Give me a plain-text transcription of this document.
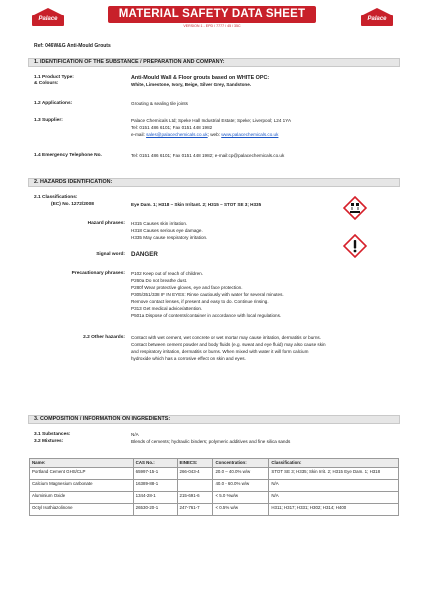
Palace	MATERIAL SAFETY DATA SHEET
VERSION 1 - EPD / 7777 / 45 / 35C
Palace
Ref: 046W&G Anti-Mould Grouts
1. IDENTIFICATION OF THE SUBSTANCE / PREPARATION AND COMPANY:
1.1 Product Type:
& Colours:
Anti-Mould Wall & Floor grouts based on WHITE OPC:
White, Limestone, Ivory, Beige, Silver Grey, Sandstone.
1.2 Applications:	Grouting & sealing tile joints
1.3 Supplier:	Palace Chemicals Ltd; Speke Hall Industrial Estate; Speke; Liverpool; L24 1YA
Tel: 0151 486 6101; Fax 0151 448 1982
e-mail: sales@palacechemicals.co.uk; web: www.palacechemicals.co.uk
1.4 Emergency Telephone No.	Tel: 0151 486 6101; Fax 0151 448 1982; e-mail:cp@palacechemicals.co.uk
2. HAZARDS IDENTIFICATION:
2.1 Classifications:
(EC) No. 1272/2008	Eye Dam. 1; H318 – Skin Irritant. 2; H315 – STOT SE 3; H335
Hazard phrases: H315 Causes skin irritation.
H318 Causes serious eye damage.
H335 May cause respiratory irritation.
Signal word: DANGER
Precautionary phrases: P102 Keep out of reach of children.
P260a Do not breathe dust.
P280f Wear protective gloves, eye and face protection.
P305/351/338 IF IN EYES: Rinse cautiously with water for several minutes.
Remove contact lenses, if present and easy to do. Continue rinsing.
P313 Get medical advice/attention.
P501a Dispose of contents/container in accordance with local regulations.
2.2 Other hazards: Contact with wet cement, wet concrete or wet mortar may cause irritation, dermatitis or burns.
Contact between cement powder and body fluids (e.g. sweat and eye fluid) may also cause skin
and respiratory irritation, dermatitis or burns. When mixed with water it will form calcium
hydroxide which has a corrosive effect on skin and eyes.
3. COMPOSITION / INFORMATION ON INGREDIENTS:
3.1 Substances:	N/A
3.2 Mixtures:	Blends of cements; hydraulic binders; polymeric additives and fine silica sands
Name:	CAS No.:	EINECS:	Concentration:	Classification:
Portland Cement GHS/CLP	65997-15-1	266-043-4	20.0 – 40.0% w/w	STOT SE 3; H335; Skin Irrit. 2; H315 Eye Dam. 1; H318
Calcium Magnesium carbonate	16389-88-1		40.0 - 60.0% w/w	N/A
Aluminium Oxide	1344-28-1	215-691-6	< 5.0 %w/w	N/A
Octyl Isothiazolinone	26530-20-1	247-761-7	< 0.5% w/w	H311; H317; H331; H302; H314; H400
